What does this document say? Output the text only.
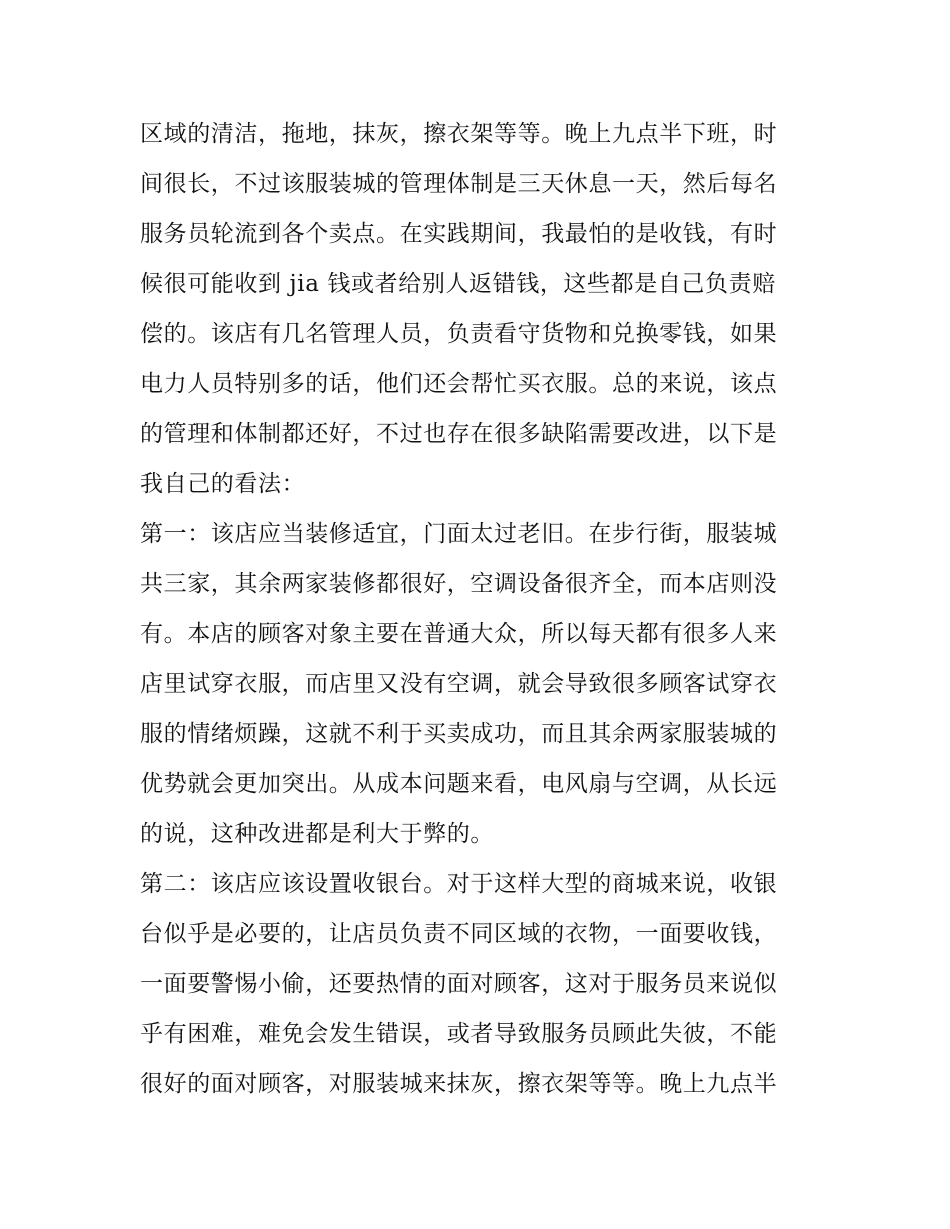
区域的清洁，拖地，抹灰，擦衣架等等。晚上九点半下班，时
间很长，不过该服装城的管理体制是三天休息一天，然后每名
服务员轮流到各个卖点。在实践期间，我最怕的是收钱，有时
候很可能收到 jia 钱或者给别人返错钱，这些都是自己负责赔
偿的。该店有几名管理人员，负责看守货物和兑换零钱，如果
电力人员特别多的话，他们还会帮忙买衣服。总的来说，该点
的管理和体制都还好，不过也存在很多缺陷需要改进，以下是
我自己的看法：
第一：该店应当装修适宜，门面太过老旧。在步行街，服装城
共三家，其余两家装修都很好，空调设备很齐全，而本店则没
有。本店的顾客对象主要在普通大众，所以每天都有很多人来
店里试穿衣服，而店里又没有空调，就会导致很多顾客试穿衣
服的情绪烦躁，这就不利于买卖成功，而且其余两家服装城的
优势就会更加突出。从成本问题来看，电风扇与空调，从长远
的说，这种改进都是利大于弊的。
第二：该店应该设置收银台。对于这样大型的商城来说，收银
台似乎是必要的，让店员负责不同区域的衣物，一面要收钱，
一面要警惕小偷，还要热情的面对顾客，这对于服务员来说似
乎有困难，难免会发生错误，或者导致服务员顾此失彼，不能
很好的面对顾客，对服装城来抹灰，擦衣架等等。晚上九点半
